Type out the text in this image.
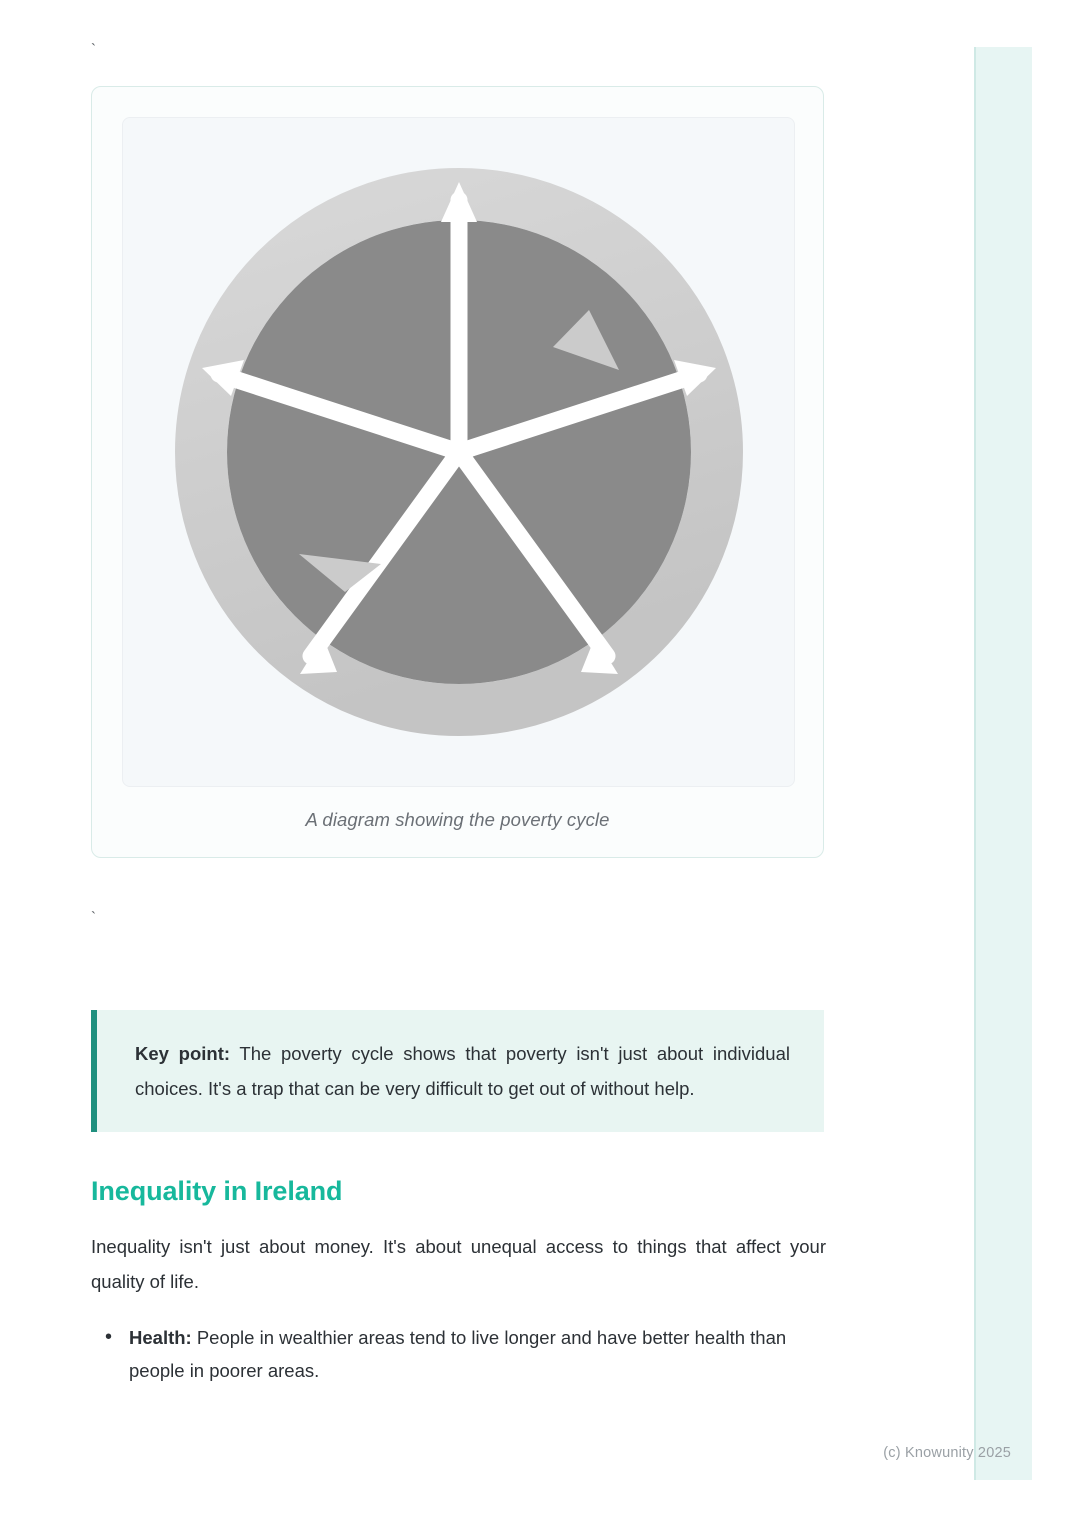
`
A diagram showing the poverty cycle
`

Key point: The poverty cycle shows that poverty isn't just about individual choices. It's a trap that can be very difficult to get out of without help.

Inequality in Ireland

Inequality isn't just about money. It's about unequal access to things that affect your quality of life.

• Health: People in wealthier areas tend to live longer and have better health than people in poorer areas.
(c) Knowunity 2025
